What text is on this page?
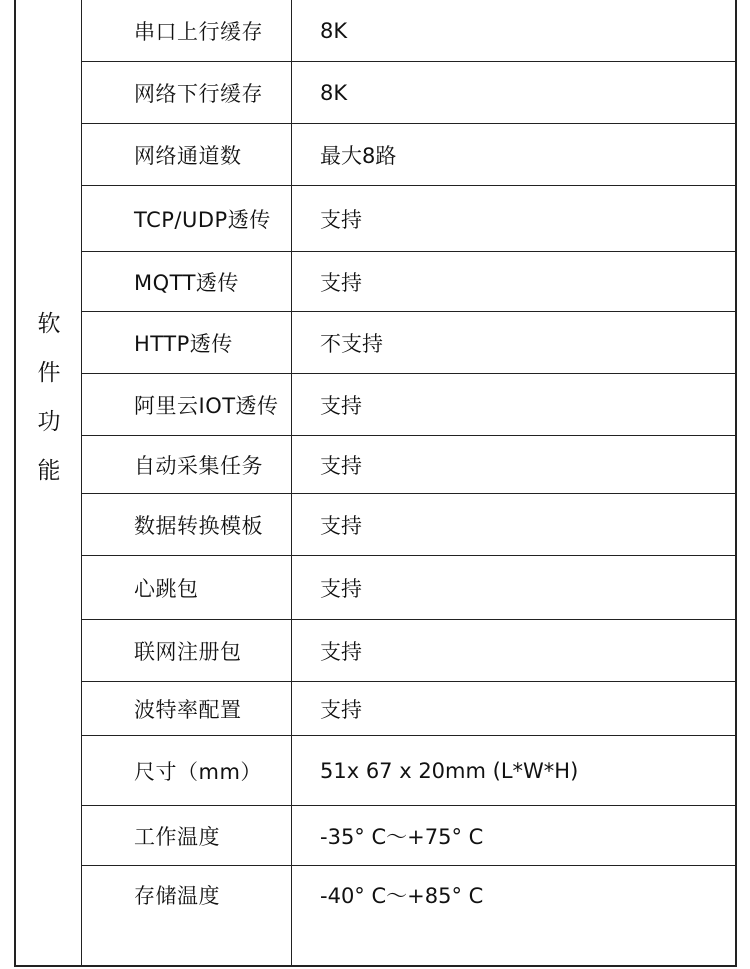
软
件
功
能
串口上行缓存	8K
网络下行缓存	8K
网络通道数	最大8路
TCP/UDP透传	支持
MQTT透传	支持
HTTP透传	不支持
阿里云IOT透传	支持
自动采集任务	支持
数据转换模板	支持
心跳包	支持
联网注册包	支持
波特率配置	支持
尺寸（mm）	51x 67 x 20mm (L*W*H)
工作温度	-35° C～+75° C
存储温度	-40° C～+85° C
